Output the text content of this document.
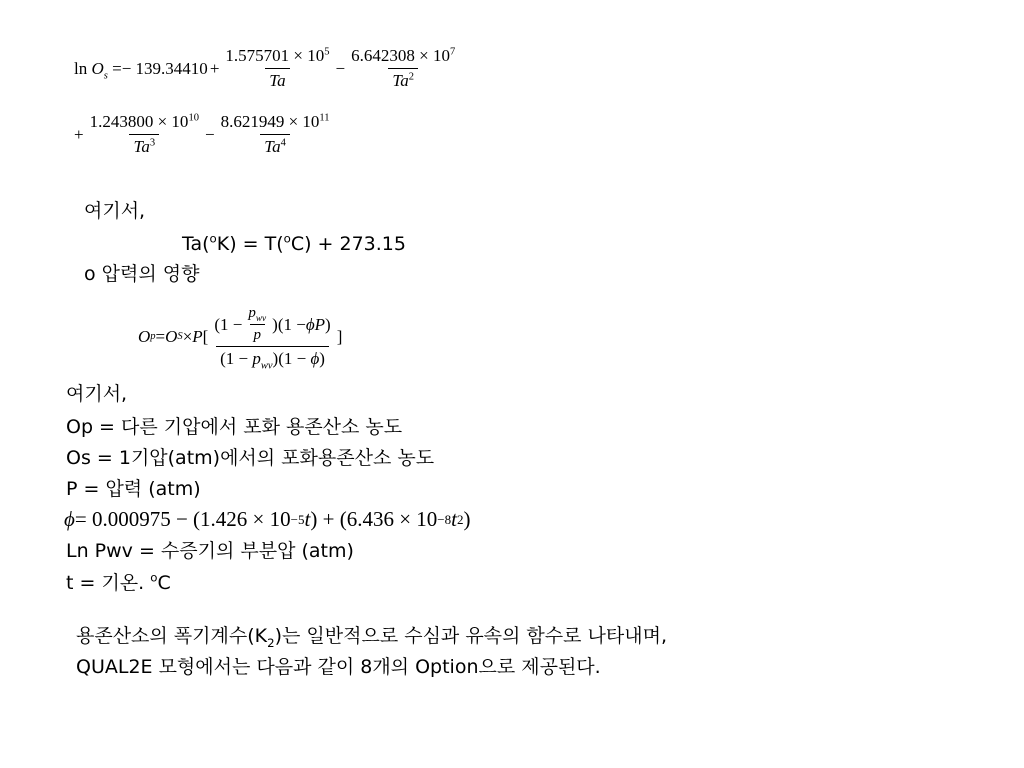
$\ln O_s$ = − $139.34410 + \frac{1.575701 \times 10^5}{Ta} - \frac{6.642308 \times 10^7}{Ta^2}$
+ $\frac{1.243800 \times 10^{10}}{Ta^3} - \frac{8.621949 \times 10^{11}}{Ta^4}$
여기서,
Ta($^o$K) = T($^o$C) + 273.15
o 압력의 영향
O p = O S × P [ $\frac{(1 - \frac{p_{wv}}{p} )(1 - \phi P )}{(1 - p_{wv})(1 - \phi)}$ ]
여기서,
Op = 다른 기압에서 포화 용존산소 농도
Os = 1기압(atm)에서의 포화용존산소 농도
P = 압력 (atm)
ϕ = 0.000975 − (1.426 × 10 −5 t ) + (6.436 × 10 −8 t 2 )
Ln Pwv = 수증기의 부분압 (atm)
t = 기온. $^o$C
용존산소의 폭기계수$(K_2)$는 일반적으로 수심과 유속의 함수로 나타내며,
QUAL2E 모형에서는 다음과 같이 8개의 Option으로 제공된다.
